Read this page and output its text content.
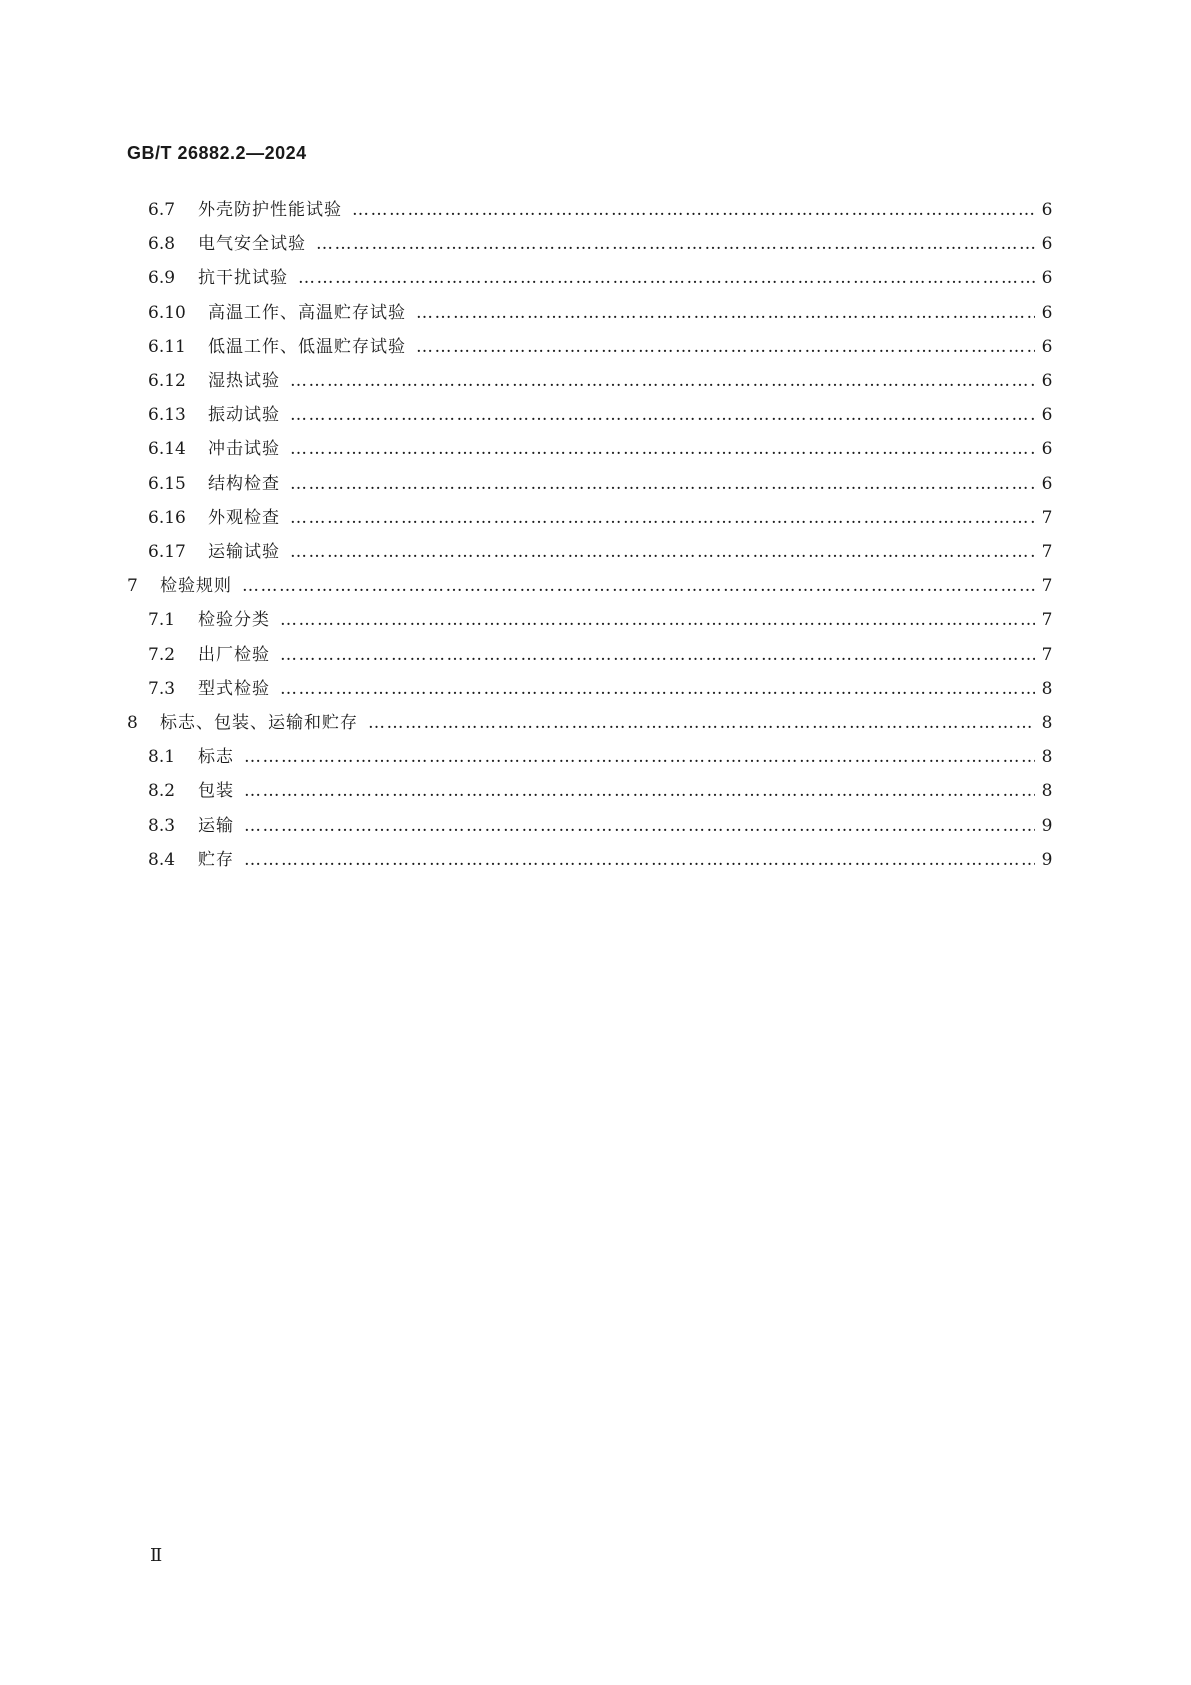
GB/T 26882.2—2024
6.7 外壳防护性能试验 …………………………………………………………………………………………………………………………………………………………	6
6.8 电气安全试验 …………………………………………………………………………………………………………………………………………………………	6
6.9 抗干扰试验 …………………………………………………………………………………………………………………………………………………………	6
6.10 高温工作、高温贮存试验 …………………………………………………………………………………………………………………………………………………………	6
6.11 低温工作、低温贮存试验 …………………………………………………………………………………………………………………………………………………………	6
6.12 湿热试验 …………………………………………………………………………………………………………………………………………………………	6
6.13 振动试验 …………………………………………………………………………………………………………………………………………………………	6
6.14 冲击试验 …………………………………………………………………………………………………………………………………………………………	6
6.15 结构检查 …………………………………………………………………………………………………………………………………………………………	6
6.16 外观检查 …………………………………………………………………………………………………………………………………………………………	7
6.17 运输试验 …………………………………………………………………………………………………………………………………………………………	7
7 检验规则 …………………………………………………………………………………………………………………………………………………………	7
7.1 检验分类 …………………………………………………………………………………………………………………………………………………………	7
7.2 出厂检验 …………………………………………………………………………………………………………………………………………………………	7
7.3 型式检验 …………………………………………………………………………………………………………………………………………………………	8
8 标志、包装、运输和贮存 …………………………………………………………………………………………………………………………………………………………	8
8.1 标志 …………………………………………………………………………………………………………………………………………………………	8
8.2 包装 …………………………………………………………………………………………………………………………………………………………	8
8.3 运输 …………………………………………………………………………………………………………………………………………………………	9
8.4 贮存 …………………………………………………………………………………………………………………………………………………………	9
Ⅱ
